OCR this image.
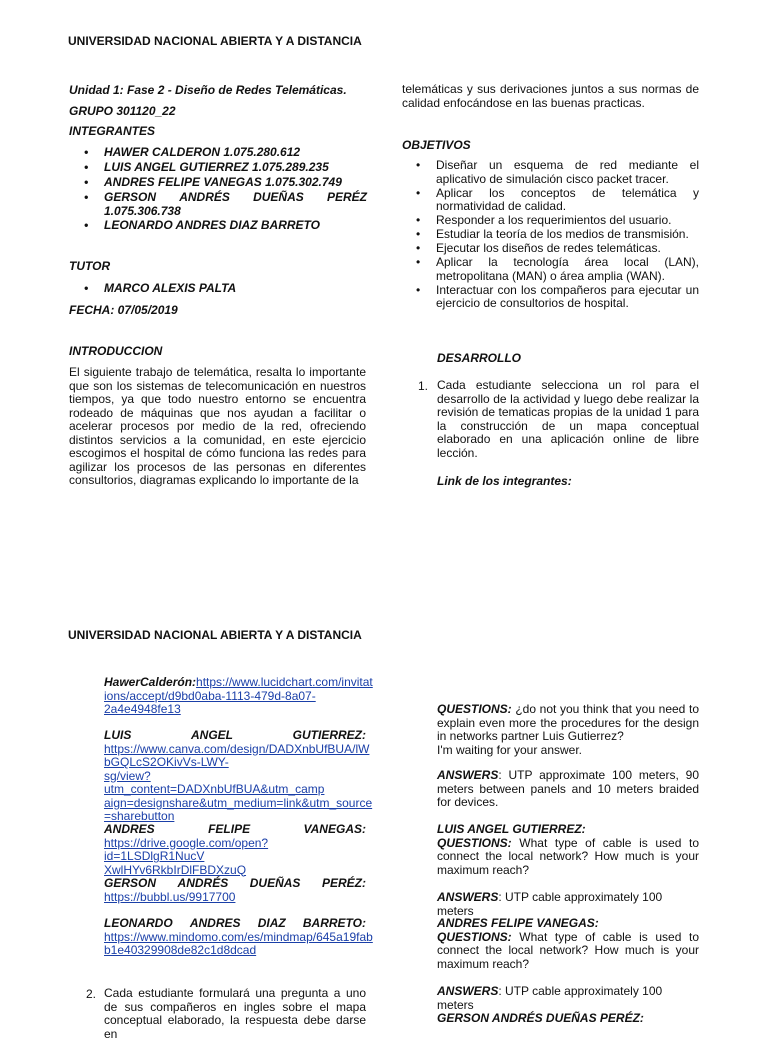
UNIVERSIDAD NACIONAL ABIERTA Y A DISTANCIA
Unidad 1: Fase 2 - Diseño de Redes Telemáticas.
GRUPO 301120_22
INTEGRANTES
• HAWER CALDERON 1.075.280.612
• LUIS ANGEL GUTIERREZ 1.075.289.235
• ANDRES FELIPE VANEGAS 1.075.302.749
• GERSON ANDRÉS DUEÑAS PERÉZ
1.075.306.738
• LEONARDO ANDRES DIAZ BARRETO
TUTOR
• MARCO ALEXIS PALTA
FECHA: 07/05/2019
INTRODUCCION
El siguiente trabajo de telemática, resalta lo importante que son los sistemas de telecomunicación en nuestros tiempos, ya que todo nuestro entorno se encuentra rodeado de máquinas que nos ayudan a facilitar o acelerar procesos por medio de la red, ofreciendo distintos servicios a la comunidad, en este ejercicio escogimos el hospital de cómo funciona las redes para agilizar los procesos de las personas en diferentes consultorios, diagramas explicando lo importante de la
telemáticas y sus derivaciones juntos a sus normas de calidad enfocándose en las buenas practicas.
OBJETIVOS
• Diseñar un esquema de red mediante el aplicativo de simulación cisco packet tracer.
• Aplicar los conceptos de telemática y normatividad de calidad.
• Responder a los requerimientos del usuario.
• Estudiar la teoría de los medios de transmisión.
• Ejecutar los diseños de redes telemáticas.
• Aplicar la tecnología área local (LAN), metropolitana (MAN) o área amplia (WAN).
• Interactuar con los compañeros para ejecutar un ejercicio de consultorios de hospital.
DESARROLLO
1. Cada estudiante selecciona un rol para el desarrollo de la actividad y luego debe realizar la revisión de tematicas propias de la unidad 1 para la construcción de un mapa conceptual elaborado en una aplicación online de libre lección.
Link de los integrantes:
UNIVERSIDAD NACIONAL ABIERTA Y A DISTANCIA
HawerCalderón:https://www.lucidchart.com/invitat
ions/accept/d9bd0aba-1113-479d-8a07-
2a4e4948fe13
LUIS	ANGEL	GUTIERREZ:
https://www.canva.com/design/DADXnbUfBUA/lW
bGQLcS2OKivVs-LWY-
sg/view?utm_content=DADXnbUfBUA&utm_camp
aign=designshare&utm_medium=link&utm_source
=sharebutton
ANDRES	FELIPE	VANEGAS:
https://drive.google.com/open?id=1LSDlgR1NucV
XwlHYv6RkbIrDlFBDXzuQ
GERSON ANDRÉS DUEÑAS PERÉZ:
https://bubbl.us/9917700
LEONARDO ANDRES DIAZ BARRETO:
https://www.mindomo.com/es/mindmap/645a19fab
b1e40329908de82c1d8dcad
2. Cada estudiante formulará una pregunta a uno de sus compañeros en ingles sobre el mapa conceptual elaborado, la respuesta debe darse en
QUESTIONS: ¿do not you think that you need to explain even more the procedures for the design in networks partner Luis Gutierrez?
I'm waiting for your answer.
ANSWERS: UTP approximate 100 meters, 90 meters between panels and 10 meters braided for devices.
LUIS ANGEL GUTIERREZ:
QUESTIONS: What type of cable is used to connect the local network? How much is your maximum reach?
ANSWERS: UTP cable approximately 100 meters
ANDRES FELIPE VANEGAS:
QUESTIONS: What type of cable is used to connect the local network? How much is your maximum reach?
ANSWERS: UTP cable approximately 100 meters
GERSON ANDRÉS DUEÑAS PERÉZ:
